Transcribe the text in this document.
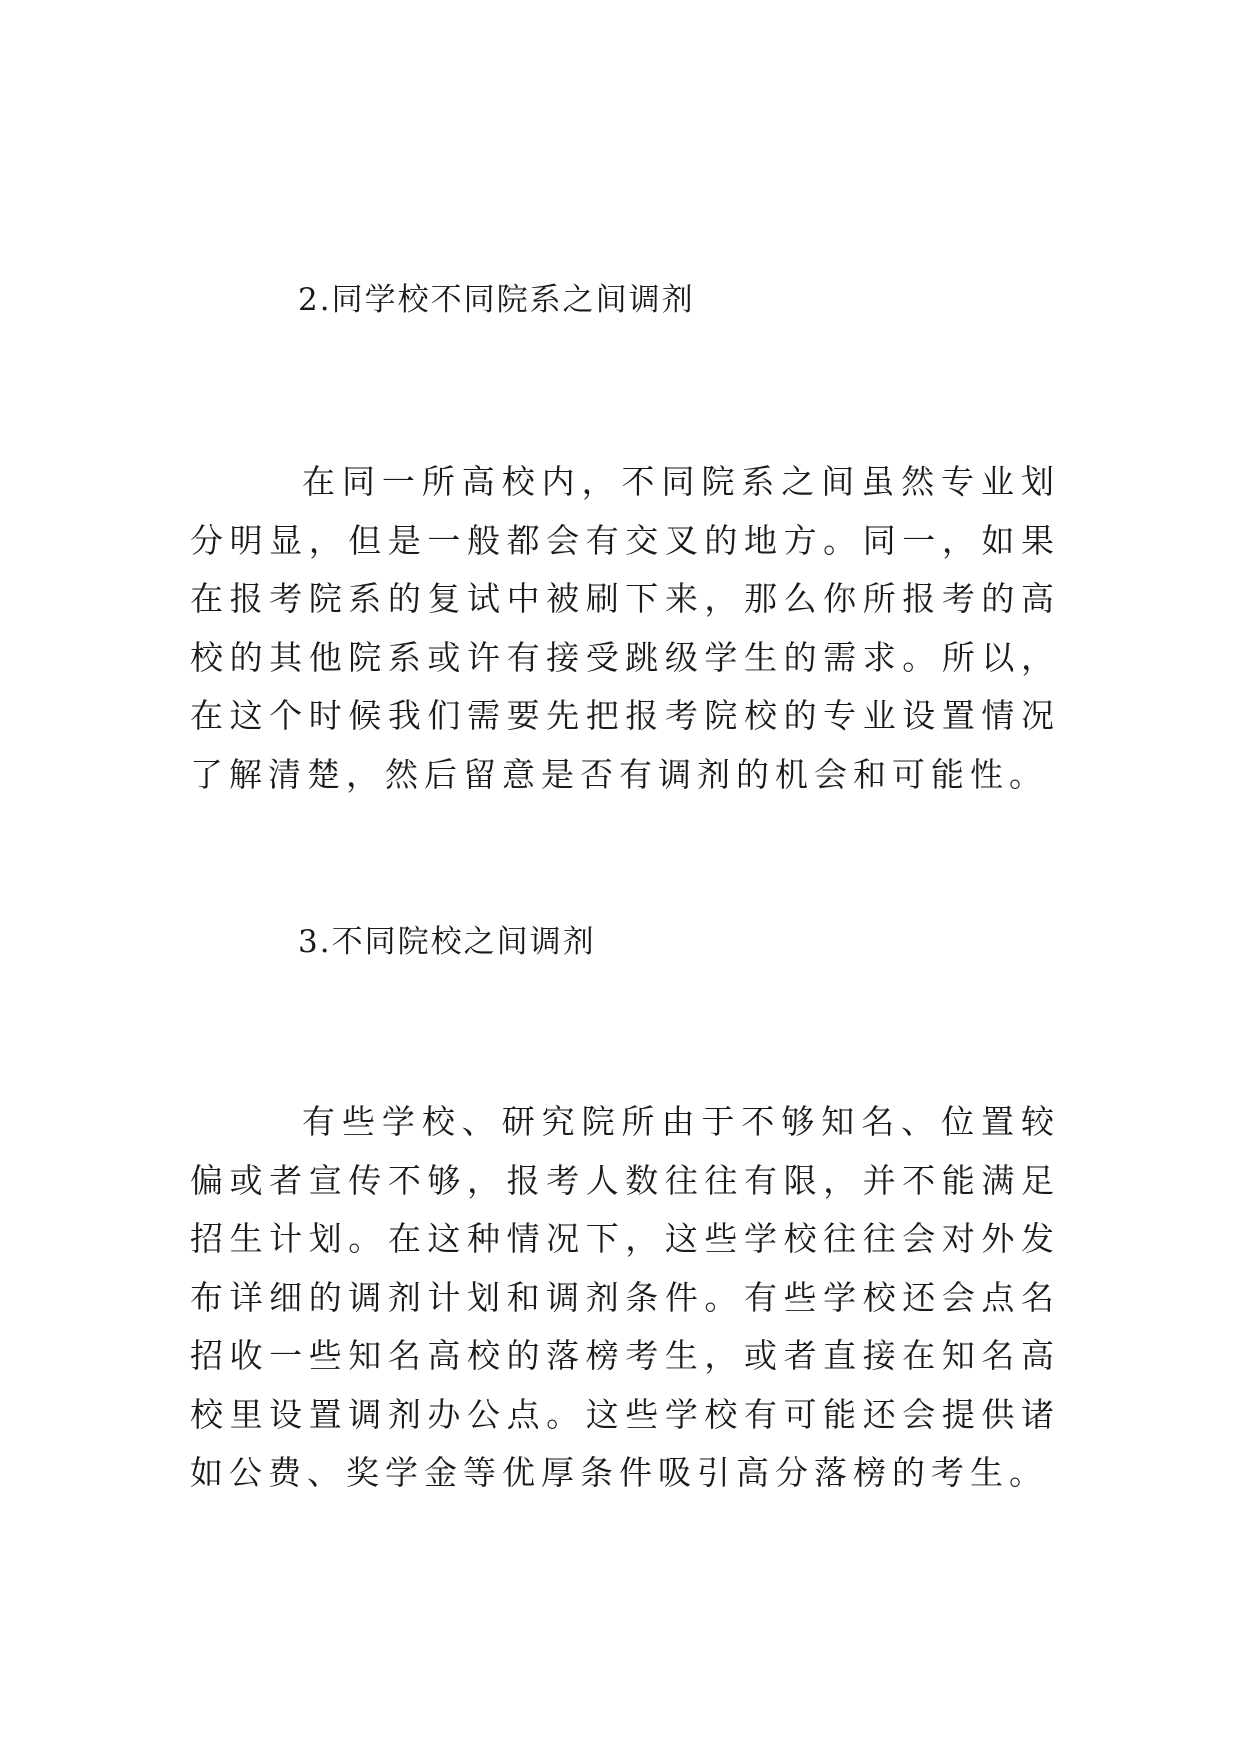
2.同学校不同院系之间调剂

在同一所高校内，不同院系之间虽然专业划分明显，但是一般都会有交叉的地方。同一，如果在报考院系的复试中被刷下来，那么你所报考的高校的其他院系或许有接受跳级学生的需求。所以，在这个时候我们需要先把报考院校的专业设置情况了解清楚，然后留意是否有调剂的机会和可能性。

3.不同院校之间调剂

有些学校、研究院所由于不够知名、位置较偏或者宣传不够，报考人数往往有限，并不能满足招生计划。在这种情况下，这些学校往往会对外发布详细的调剂计划和调剂条件。有些学校还会点名招收一些知名高校的落榜考生，或者直接在知名高校里设置调剂办公点。这些学校有可能还会提供诸如公费、奖学金等优厚条件吸引高分落榜的考生。
